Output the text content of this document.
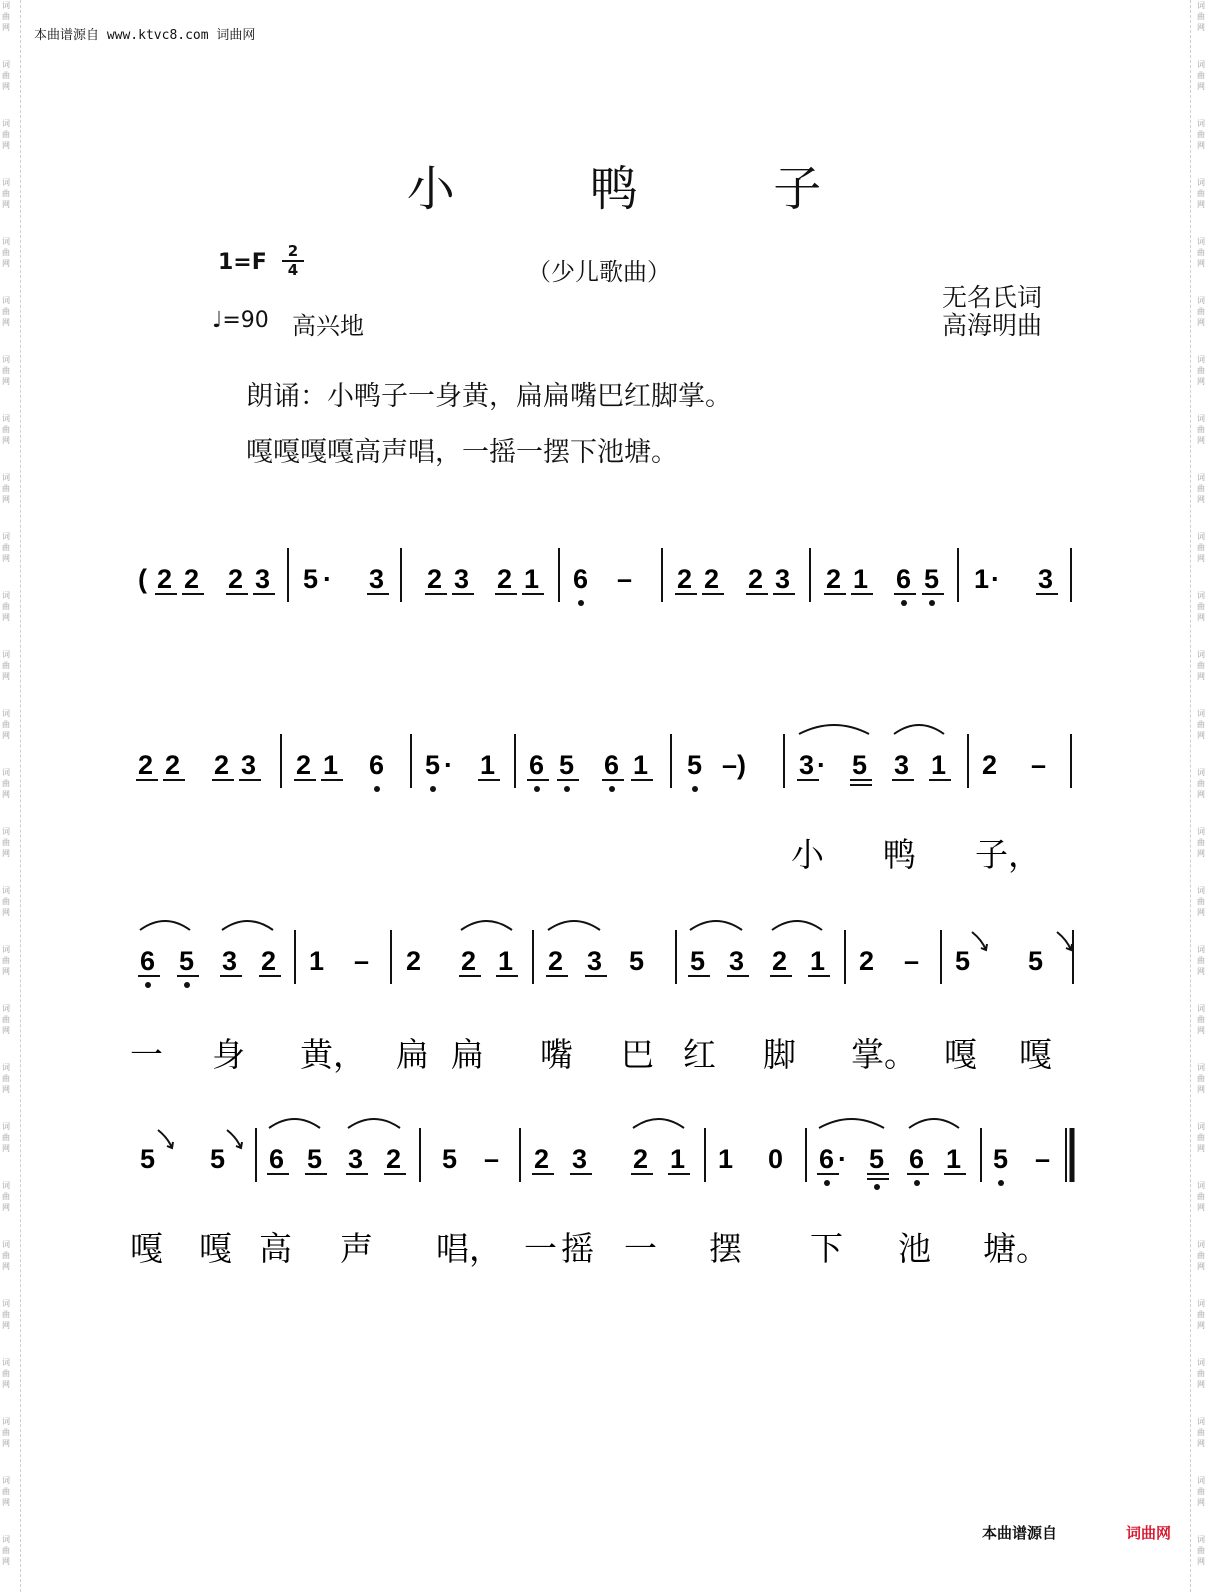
词曲网
词曲网
词曲网
词曲网
词曲网
词曲网
词曲网
词曲网
词曲网
词曲网
词曲网
词曲网
词曲网
词曲网
词曲网
词曲网
词曲网
词曲网
词曲网
词曲网
词曲网
词曲网
词曲网
词曲网
词曲网
词曲网
词曲网
词曲网
词曲网
词曲网
词曲网
词曲网
词曲网
词曲网
词曲网
词曲网
词曲网
词曲网
词曲网
词曲网
词曲网
词曲网
词曲网
词曲网
词曲网
词曲网
词曲网
词曲网
词曲网
词曲网
词曲网
词曲网
词曲网
词曲网
本曲谱源自 www.ktvc8.com 词曲网
小 鸭 子
1=F	2
4	（少儿歌曲）
♩=90 高兴地
无名氏词
高海明曲
朗诵：小鸭子一身黄，扁扁嘴巴红脚掌。
嘎嘎嘎嘎高声唱，一摇一摆下池塘。
( 2 2 2 3 5 · 3 2 3 2 1 6 – 2 2 2 3 2 1 6 5 1 · 3
2 2 2 3 2 1 6 5 · 1 6 5 6 1 5 –) 3 · 5 3 1 2 –
小 鸭 子，
6 5 3 2 1 – 2 2 1 2 3 5 5 3 2 1 2 – 5 5
一 身 黄， 扁 扁 嘴 巴 红 脚 掌。 嘎 嘎
5 5 6 5 3 2 5 – 2 3 2 1 1 0 6 · 5 6 1 5 –
嘎 嘎 高 声 唱， 一 摇 一 摆 下 池 塘。
本曲谱源自	词曲网
